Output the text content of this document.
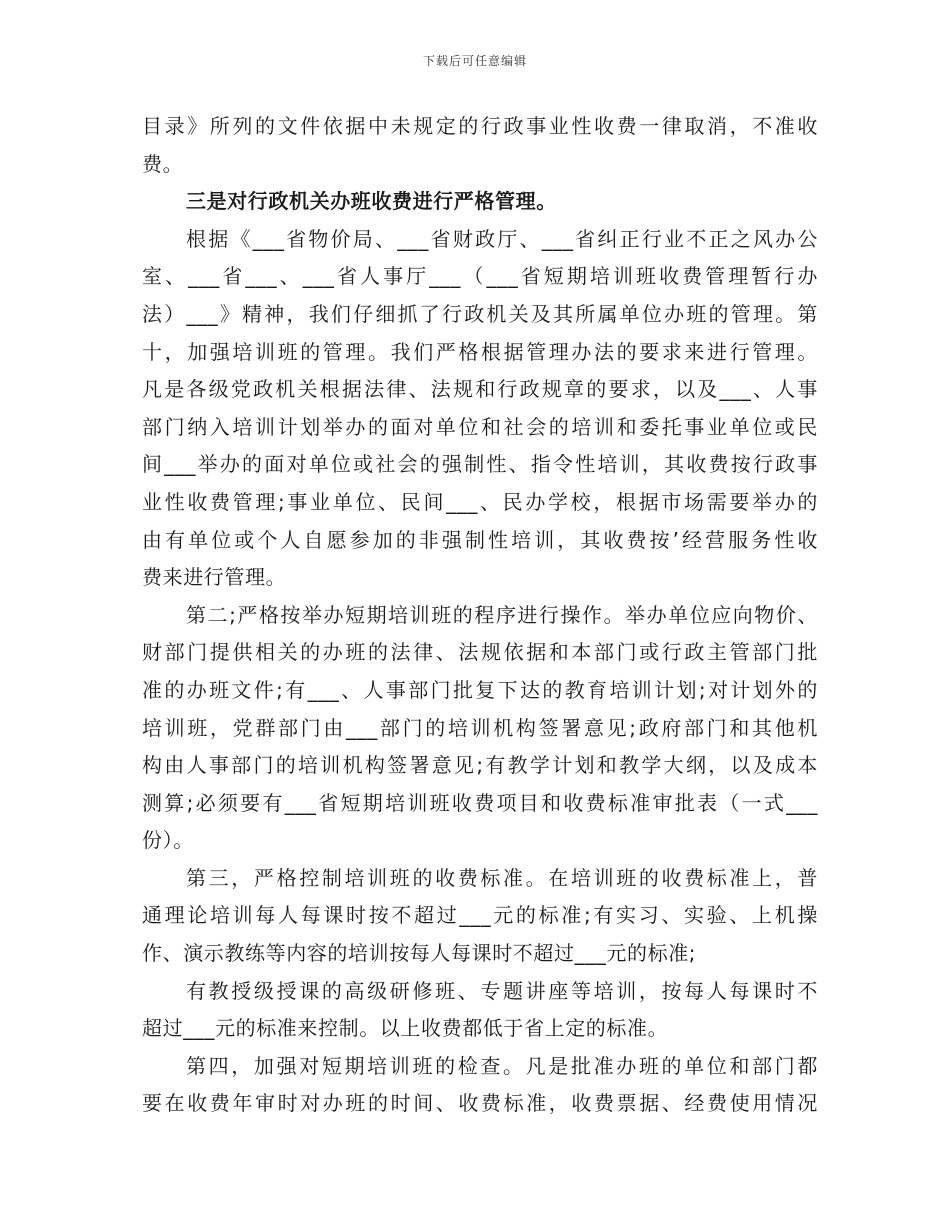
下载后可任意编辑
目录》所列的文件依据中未规定的行政事业性收费一律取消，不准收
费。
三是对行政机关办班收费进行严格管理。
根据《___省物价局、___省财政厅、___省纠正行业不正之风办公
室、___省___、___省人事厅___（___省短期培训班收费管理暂行办
法）___》精神，我们仔细抓了行政机关及其所属单位办班的管理。第
十，加强培训班的管理。我们严格根据管理办法的要求来进行管理。
凡是各级党政机关根据法律、法规和行政规章的要求，以及___、人事
部门纳入培训计划举办的面对单位和社会的培训和委托事业单位或民
间___举办的面对单位或社会的强制性、指令性培训，其收费按行政事
业性收费管理;事业单位、民间___、民办学校，根据市场需要举办的
由有单位或个人自愿参加的非强制性培训，其收费按’经营服务性收
费来进行管理。
第二;严格按举办短期培训班的程序进行操作。举办单位应向物价、
财部门提供相关的办班的法律、法规依据和本部门或行政主管部门批
准的办班文件;有___、人事部门批复下达的教育培训计划;对计划外的
培训班，党群部门由___部门的培训机构签署意见;政府部门和其他机
构由人事部门的培训机构签署意见;有教学计划和教学大纲，以及成本
测算;必须要有___省短期培训班收费项目和收费标准审批表（一式___
份）。
第三，严格控制培训班的收费标准。在培训班的收费标准上，普
通理论培训每人每课时按不超过___元的标准;有实习、实验、上机操
作、演示教练等内容的培训按每人每课时不超过___元的标准;
有教授级授课的高级研修班、专题讲座等培训，按每人每课时不
超过___元的标准来控制。以上收费都低于省上定的标准。
第四，加强对短期培训班的检查。凡是批准办班的单位和部门都
要在收费年审时对办班的时间、收费标准，收费票据、经费使用情况
